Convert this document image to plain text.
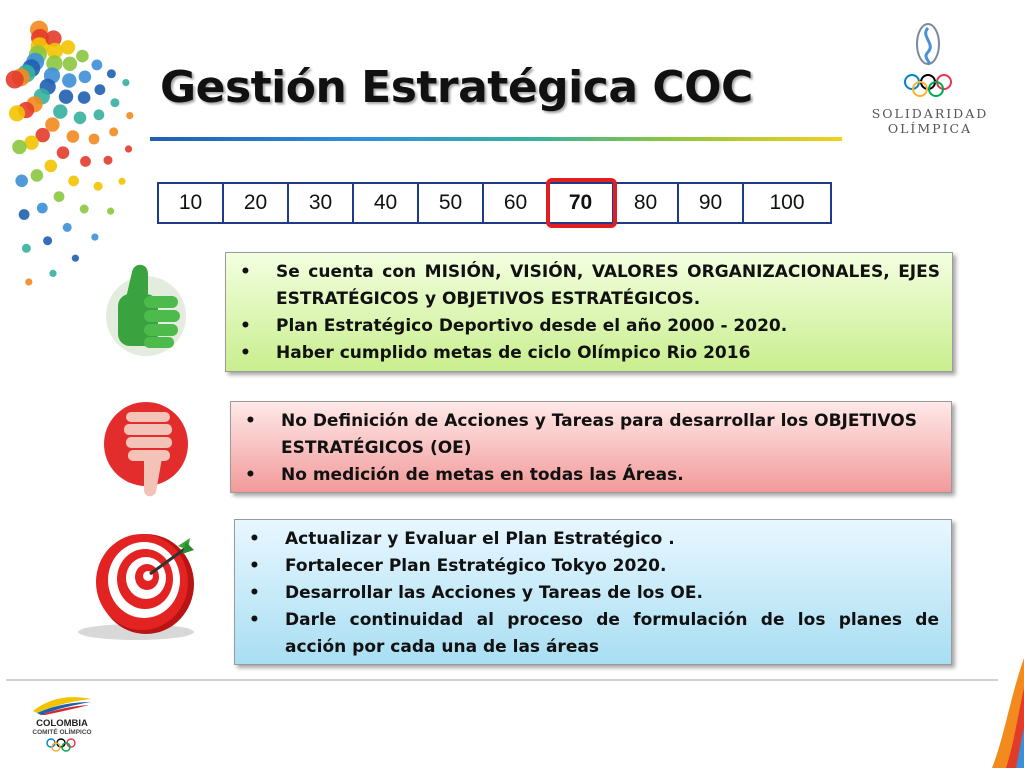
Gestión Estratégica COC
SOLIDARIDAD
OLÍMPICA
10	20	30	40	50	60	70	80	90	100
• Se cuenta con MISIÓN, VISIÓN, VALORES ORGANIZACIONALES, EJES ESTRATÉGICOS y OBJETIVOS ESTRATÉGICOS.
• Plan Estratégico Deportivo desde el año 2000 - 2020.
• Haber cumplido metas de ciclo Olímpico Rio 2016
• No Definición de Acciones y Tareas para desarrollar los OBJETIVOS ESTRATÉGICOS (OE)
• No medición de metas en todas las Áreas.
• Actualizar y Evaluar el Plan Estratégico .
• Fortalecer Plan Estratégico Tokyo 2020.
• Desarrollar las Acciones y Tareas de los OE.
• Darle continuidad al proceso de formulación de los planes de acción por cada una de las áreas
COLOMBIA
COMITÉ OLÍMPICO
